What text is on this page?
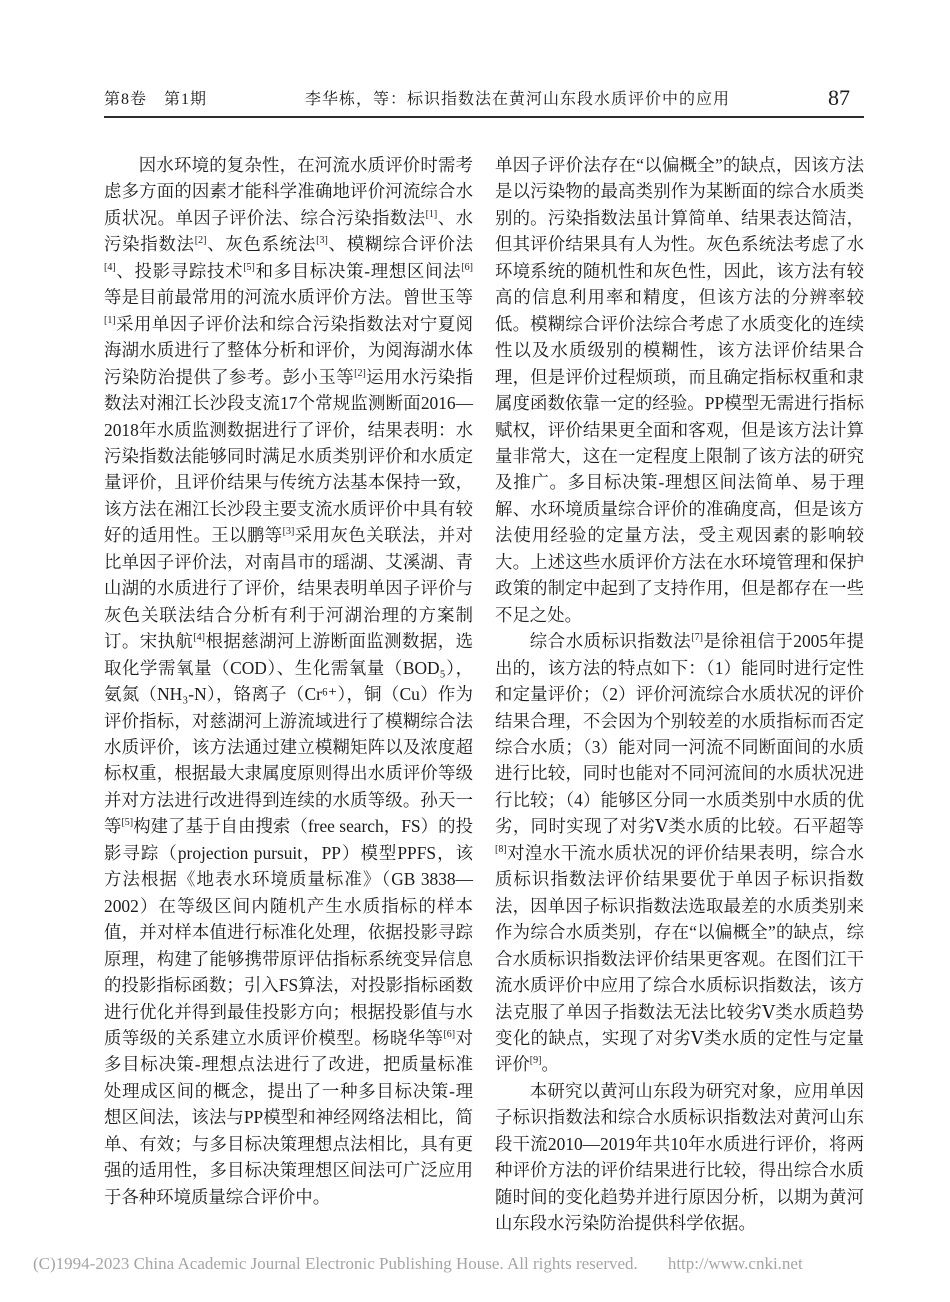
第8卷　第1期	李华栋，等：标识指数法在黄河山东段水质评价中的应用	87

因水环境的复杂性，在河流水质评价时需考虑多方面的因素才能科学准确地评价河流综合水质状况。单因子评价法、综合污染指数法[1]、水污染指数法[2]、灰色系统法[3]、模糊综合评价法[4]、投影寻踪技术[5]和多目标决策-理想区间法[6]等是目前最常用的河流水质评价方法。曾世玉等[1]采用单因子评价法和综合污染指数法对宁夏阅海湖水质进行了整体分析和评价，为阅海湖水体污染防治提供了参考。彭小玉等[2]运用水污染指数法对湘江长沙段支流17个常规监测断面2016—2018年水质监测数据进行了评价，结果表明：水污染指数法能够同时满足水质类别评价和水质定量评价，且评价结果与传统方法基本保持一致，该方法在湘江长沙段主要支流水质评价中具有较好的适用性。王以鹏等[3]采用灰色关联法，并对比单因子评价法，对南昌市的瑶湖、艾溪湖、青山湖的水质进行了评价，结果表明单因子评价与灰色关联法结合分析有利于河湖治理的方案制订。宋执航[4]根据慈湖河上游断面监测数据，选取化学需氧量（COD）、生化需氧量（BOD₅），氨氮（NH₃-N），铬离子（Cr⁶⁺），铜（Cu）作为评价指标，对慈湖河上游流域进行了模糊综合法水质评价，该方法通过建立模糊矩阵以及浓度超标权重，根据最大隶属度原则得出水质评价等级并对方法进行改进得到连续的水质等级。孙天一等[5]构建了基于自由搜索（free search，FS）的投影寻踪（projection pursuit，PP）模型PPFS，该方法根据《地表水环境质量标准》（GB 3838—2002）在等级区间内随机产生水质指标的样本值，并对样本值进行标准化处理，依据投影寻踪原理，构建了能够携带原评估指标系统变异信息的投影指标函数；引入FS算法，对投影指标函数进行优化并得到最佳投影方向；根据投影值与水质等级的关系建立水质评价模型。杨晓华等[6]对多目标决策-理想点法进行了改进，把质量标准处理成区间的概念，提出了一种多目标决策-理想区间法，该法与PP模型和神经网络法相比，简单、有效；与多目标决策理想点法相比，具有更强的适用性，多目标决策理想区间法可广泛应用于各种环境质量综合评价中。

单因子评价法存在“以偏概全”的缺点，因该方法是以污染物的最高类别作为某断面的综合水质类别的。污染指数法虽计算简单、结果表达简洁，但其评价结果具有人为性。灰色系统法考虑了水环境系统的随机性和灰色性，因此，该方法有较高的信息利用率和精度，但该方法的分辨率较低。模糊综合评价法综合考虑了水质变化的连续性以及水质级别的模糊性，该方法评价结果合理，但是评价过程烦琐，而且确定指标权重和隶属度函数依靠一定的经验。PP模型无需进行指标赋权，评价结果更全面和客观，但是该方法计算量非常大，这在一定程度上限制了该方法的研究及推广。多目标决策-理想区间法简单、易于理解、水环境质量综合评价的准确度高，但是该方法使用经验的定量方法，受主观因素的影响较大。上述这些水质评价方法在水环境管理和保护政策的制定中起到了支持作用，但是都存在一些不足之处。

综合水质标识指数法[7]是徐祖信于2005年提出的，该方法的特点如下：（1）能同时进行定性和定量评价；（2）评价河流综合水质状况的评价结果合理，不会因为个别较差的水质指标而否定综合水质；（3）能对同一河流不同断面间的水质进行比较，同时也能对不同河流间的水质状况进行比较；（4）能够区分同一水质类别中水质的优劣，同时实现了对劣Ⅴ类水质的比较。石平超等[8]对湟水干流水质状况的评价结果表明，综合水质标识指数法评价结果要优于单因子标识指数法，因单因子标识指数法选取最差的水质类别来作为综合水质类别，存在“以偏概全”的缺点，综合水质标识指数法评价结果更客观。在图们江干流水质评价中应用了综合水质标识指数法，该方法克服了单因子指数法无法比较劣Ⅴ类水质趋势变化的缺点，实现了对劣Ⅴ类水质的定性与定量评价[9]。

本研究以黄河山东段为研究对象，应用单因子标识指数法和综合水质标识指数法对黄河山东段干流2010—2019年共10年水质进行评价，将两种评价方法的评价结果进行比较，得出综合水质随时间的变化趋势并进行原因分析，以期为黄河山东段水污染防治提供科学依据。

(C)1994-2023 China Academic Journal Electronic Publishing House. All rights reserved. http://www.cnki.net
